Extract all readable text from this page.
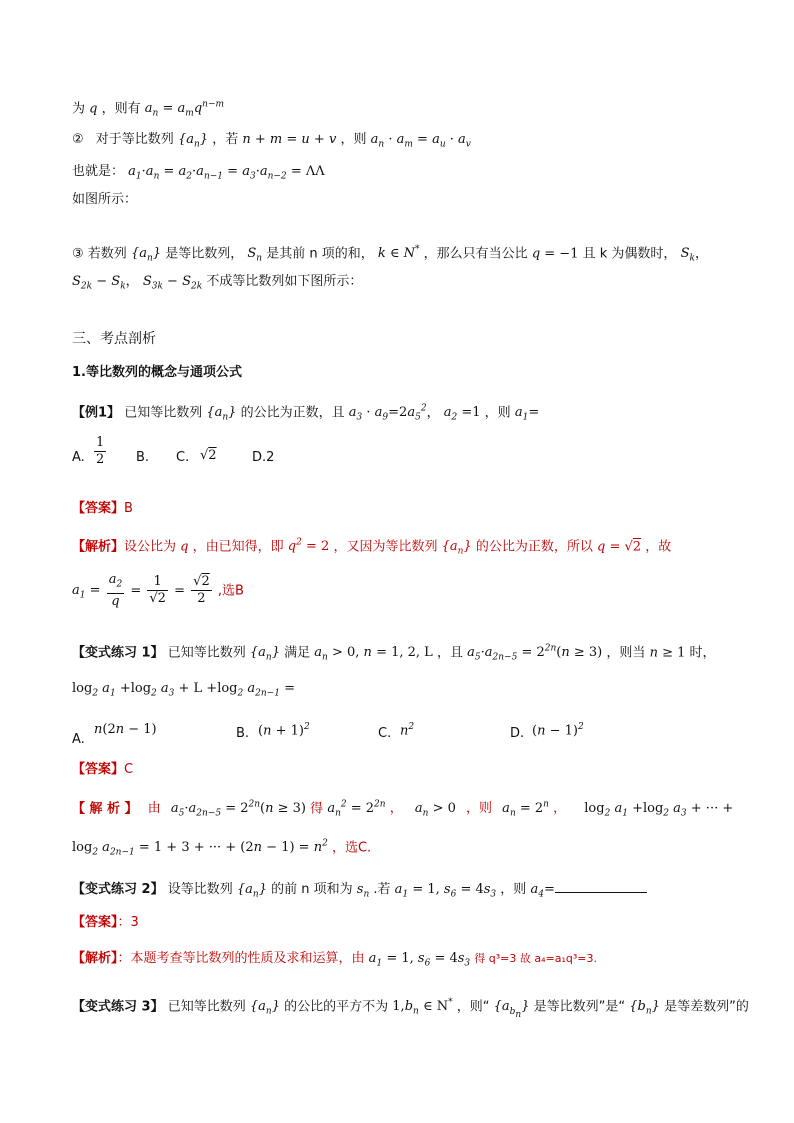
为 q ，则有 $a_n = a_mq^{n-m}$
② 对于等比数列 $\{a_n\}$ ，若 n + m = u + v ，则 $a_n \cdot a_m = a_u \cdot a_v$
也就是： $a_1\cdot a_n = a_2\cdot a_{n-1} = a_3\cdot a_{n-2} = \Lambda\Lambda$
如图所示：
③ 若数列 $\{a_n\}$ 是等比数列， $S_n$ 是其前 n 项的和， k ∈ N* ，那么只有当公比 q = −1 且 k 为偶数时， $S_k$，
$S_{2k} - S_k$， $S_{3k} - S_{2k}$ 不成等比数列如下图所示：
三、考点剖析
1.等比数列的概念与通项公式
【例1】 已知等比数列 $\{a_n\}$ 的公比为正数，且 $a_3 \cdot a_9=2a_5^2$， $a_2 =1$ ，则 $a_1=$
A. $\frac{1}{2} B$. C. √2	D.2
【答案】B
【解析】设公比为 q ，由已知得，即 $q^2 = 2$ ，又因为等比数列 $\{a_n\}$ 的公比为正数，所以 q = √2 ，故
$a_1 = \frac{a_2}{q} = \frac{1}{√2} = \frac{√2}{2}$ ,选B
【变式练习 1】 已知等比数列 $\{a_n\}$ 满足 $a_n > 0$, n = 1, 2, L ，且 $a_5\cdot a_{2n-5} = 2^{2n}(n \ge 3)$ ，则当 n ≥ 1 时，
$\log_2 a_1 +\log_2$ $a_3 + L +\log_2$ $a_{2n-1}$ =
A.
n(2n − 1)	B. $(n + 1)^2$	C. $n^2$	D. $(n - 1)^2$
【答案】C
【 解 析 】 由 $a_5\cdot a_{2n-5} = 2^{2n}(n \ge 3)$ 得 $a_n^2 = 2^{2n}$ ， $a_n > 0$ ，则 $a_n = 2^n$ ， $\log_2 a_1 +\log_2$ $a_3$ + ··· +
$\log_2 a_{2n-1} = 1 + 3$ + ··· + $(2n - 1) = n^2$ ，选C.
【变式练习 2】 设等比数列 $\{a_n\}$ 的前 n 项和为 $s_n$ .若 $a_1 = 1$, $s_6 = 4s_3$ ，则 $a_4=$
【答案】：3
【解析】：本题考查等比数列的性质及求和运算，由 $a_1 = 1$, $s_6 = 4s_3$ 得 q³=3 故 a₄=a₁q³=3.
【变式练习 3】 已知等比数列 $\{a_n\}$ 的公比的平方不为 $1,b_n$ ∈ N* ，则“ $\{a_{b_n}\}$ 是等比数列”是“ $\{b_n\}$ 是等差数列”的
